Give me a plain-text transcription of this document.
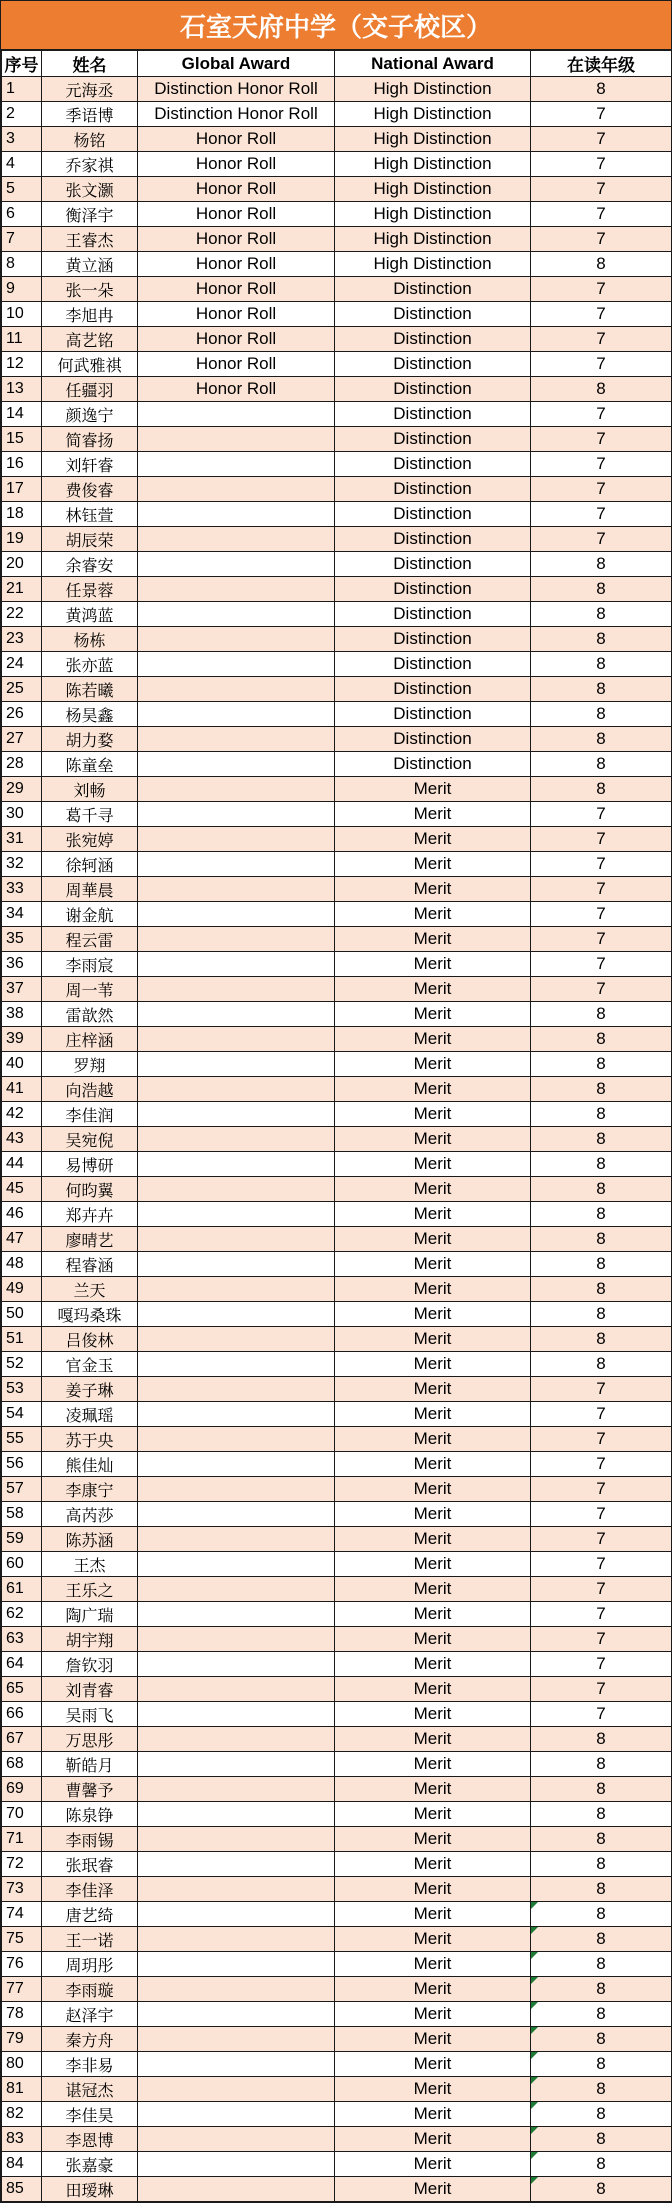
石室天府中学（交子校区）
序号	姓名	Global Award	National Award	在读年级
1	元海丞	Distinction Honor Roll	High Distinction	8
2	季语博	Distinction Honor Roll	High Distinction	7
3	杨铭	Honor Roll	High Distinction	7
4	乔家祺	Honor Roll	High Distinction	7
5	张文灏	Honor Roll	High Distinction	7
6	衡泽宇	Honor Roll	High Distinction	7
7	王睿杰	Honor Roll	High Distinction	7
8	黄立涵	Honor Roll	High Distinction	8
9	张一朵	Honor Roll	Distinction	7
10	李旭冉	Honor Roll	Distinction	7
11	高艺铭	Honor Roll	Distinction	7
12	何武雅祺	Honor Roll	Distinction	7
13	任疆羽	Honor Roll	Distinction	8
14	颜逸宁		Distinction	7
15	简睿扬		Distinction	7
16	刘轩睿		Distinction	7
17	费俊睿		Distinction	7
18	林钰萱		Distinction	7
19	胡辰荣		Distinction	7
20	余睿安		Distinction	8
21	任景蓉		Distinction	8
22	黄鸿蓝		Distinction	8
23	杨栋		Distinction	8
24	张亦蓝		Distinction	8
25	陈若曦		Distinction	8
26	杨昊鑫		Distinction	8
27	胡力婺		Distinction	8
28	陈童垒		Distinction	8
29	刘畅		Merit	8
30	葛千寻		Merit	7
31	张宛婷		Merit	7
32	徐轲涵		Merit	7
33	周華晨		Merit	7
34	谢金航		Merit	7
35	程云雷		Merit	7
36	李雨宸		Merit	7
37	周一苇		Merit	7
38	雷歆然		Merit	8
39	庄梓涵		Merit	8
40	罗翔		Merit	8
41	向浩越		Merit	8
42	李佳润		Merit	8
43	吴宛倪		Merit	8
44	易博研		Merit	8
45	何昀翼		Merit	8
46	郑卉卉		Merit	8
47	廖晴艺		Merit	8
48	程睿涵		Merit	8
49	兰天		Merit	8
50	嘎玛桑珠		Merit	8
51	吕俊林		Merit	8
52	官金玉		Merit	8
53	姜子琳		Merit	7
54	凌珮瑶		Merit	7
55	苏于央		Merit	7
56	熊佳灿		Merit	7
57	李康宁		Merit	7
58	高芮莎		Merit	7
59	陈苏涵		Merit	7
60	王杰		Merit	7
61	王乐之		Merit	7
62	陶广瑞		Merit	7
63	胡宇翔		Merit	7
64	詹钦羽		Merit	7
65	刘青睿		Merit	7
66	吴雨飞		Merit	7
67	万思彤		Merit	8
68	靳皓月		Merit	8
69	曹馨予		Merit	8
70	陈泉铮		Merit	8
71	李雨锡		Merit	8
72	张珉睿		Merit	8
73	李佳泽		Merit	8
74	唐艺绮		Merit	8
75	王一诺		Merit	8
76	周玥彤		Merit	8
77	李雨璇		Merit	8
78	赵泽宇		Merit	8
79	秦方舟		Merit	8
80	李非易		Merit	8
81	谌冠杰		Merit	8
82	李佳昊		Merit	8
83	李恩博		Merit	8
84	张嘉豪		Merit	8
85	田瑷琳		Merit	8
